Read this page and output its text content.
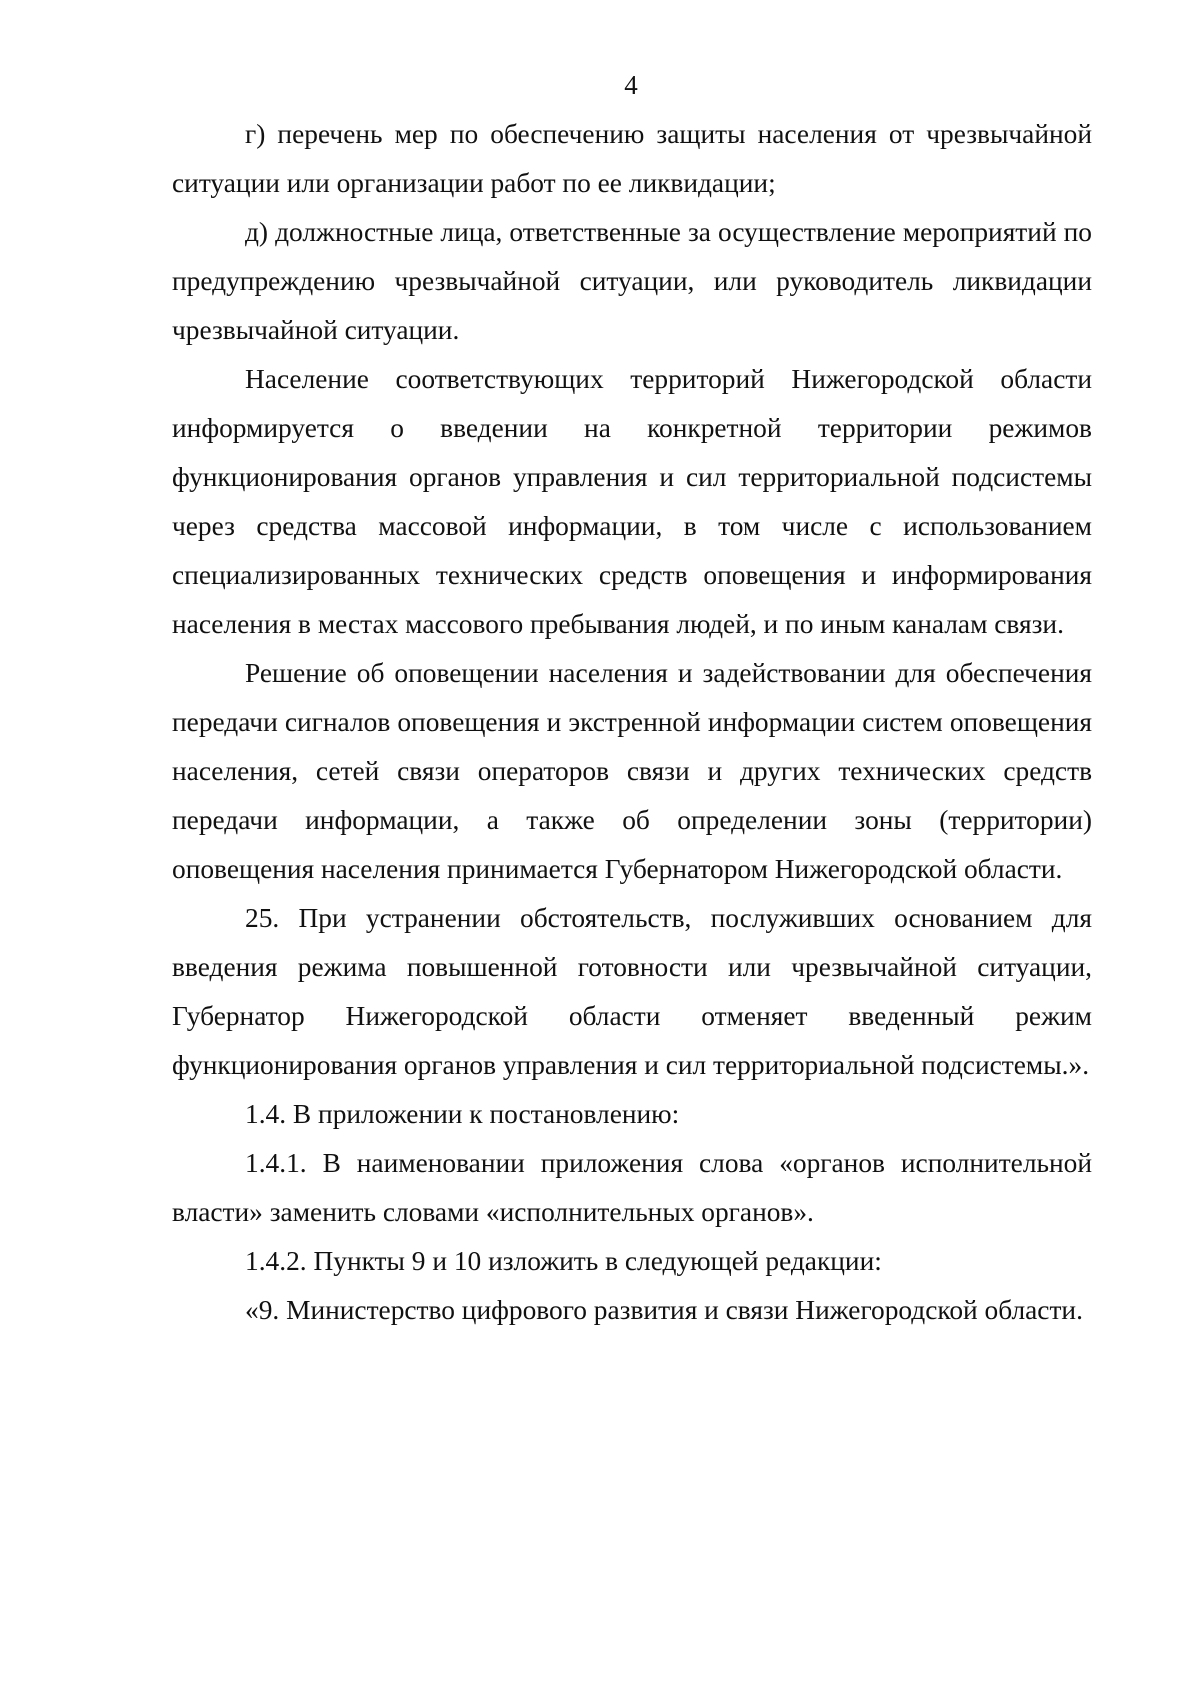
4

г) перечень мер по обеспечению защиты населения от чрезвычайной ситуации или организации работ по ее ликвидации;

д) должностные лица, ответственные за осуществление мероприятий по предупреждению чрезвычайной ситуации, или руководитель ликвидации чрезвычайной ситуации.

Население соответствующих территорий Нижегородской области информируется о введении на конкретной территории режимов функционирования органов управления и сил территориальной подсистемы через средства массовой информации, в том числе с использованием специализированных технических средств оповещения и информирования населения в местах массового пребывания людей, и по иным каналам связи.

Решение об оповещении населения и задействовании для обеспечения передачи сигналов оповещения и экстренной информации систем оповещения населения, сетей связи операторов связи и других технических средств передачи информации, а также об определении зоны (территории) оповещения населения принимается Губернатором Нижегородской области.

25. При устранении обстоятельств, послуживших основанием для введения режима повышенной готовности или чрезвычайной ситуации, Губернатор Нижегородской области отменяет введенный режим функционирования органов управления и сил территориальной подсистемы.».

1.4. В приложении к постановлению:

1.4.1. В наименовании приложения слова «органов исполнительной власти» заменить словами «исполнительных органов».

1.4.2. Пункты 9 и 10 изложить в следующей редакции:

«9. Министерство цифрового развития и связи Нижегородской области.
